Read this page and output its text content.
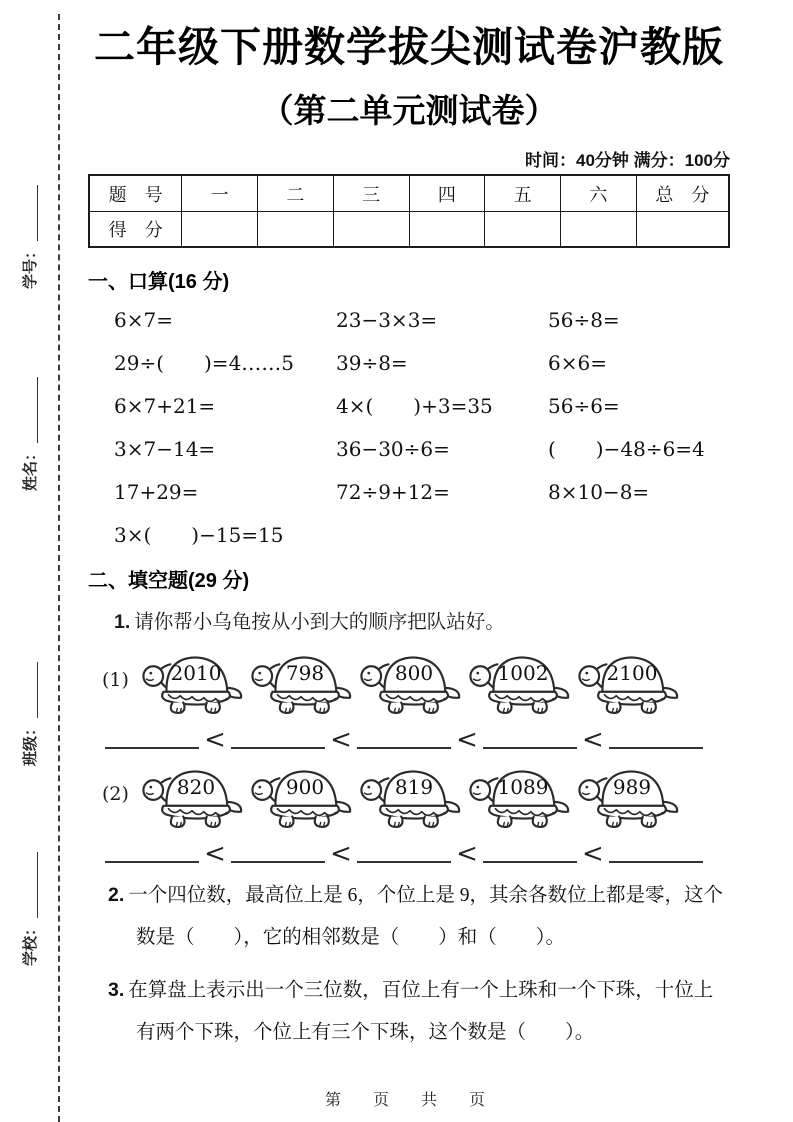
学号：
姓名：
班级：
学校：
二年级下册数学拔尖测试卷沪教版
（第二单元测试卷）
时间：40分钟 满分：100分
题　号	一	二	三	四	五	六	总　分
得　分							
一、口算(16 分)
6×7=	23−3×3=	56÷8=
29÷(　　)=4……5	39÷8=	6×6=
6×7+21=	4×(　　)+3=35	56÷6=
3×7−14=	36−30÷6=	(　　)−48÷6=4
17+29=	72÷9+12=	8×10−8=
3×(　　)−15=15
二、填空题(29 分)
1. 请你帮小乌龟按从小到大的顺序把队站好。
(1)	2010	798	800	1002	2100
<	<	<	<
(2)	820	900	819	1089	989
<	<	<	<
2. 一个四位数，最高位上是 6，个位上是 9，其余各数位上都是零，这个数是（　　），它的相邻数是（　　）和（　　）。
3. 在算盘上表示出一个三位数，百位上有一个上珠和一个下珠，十位上有两个下珠，个位上有三个下珠，这个数是（　　）。
第　页　共　页
